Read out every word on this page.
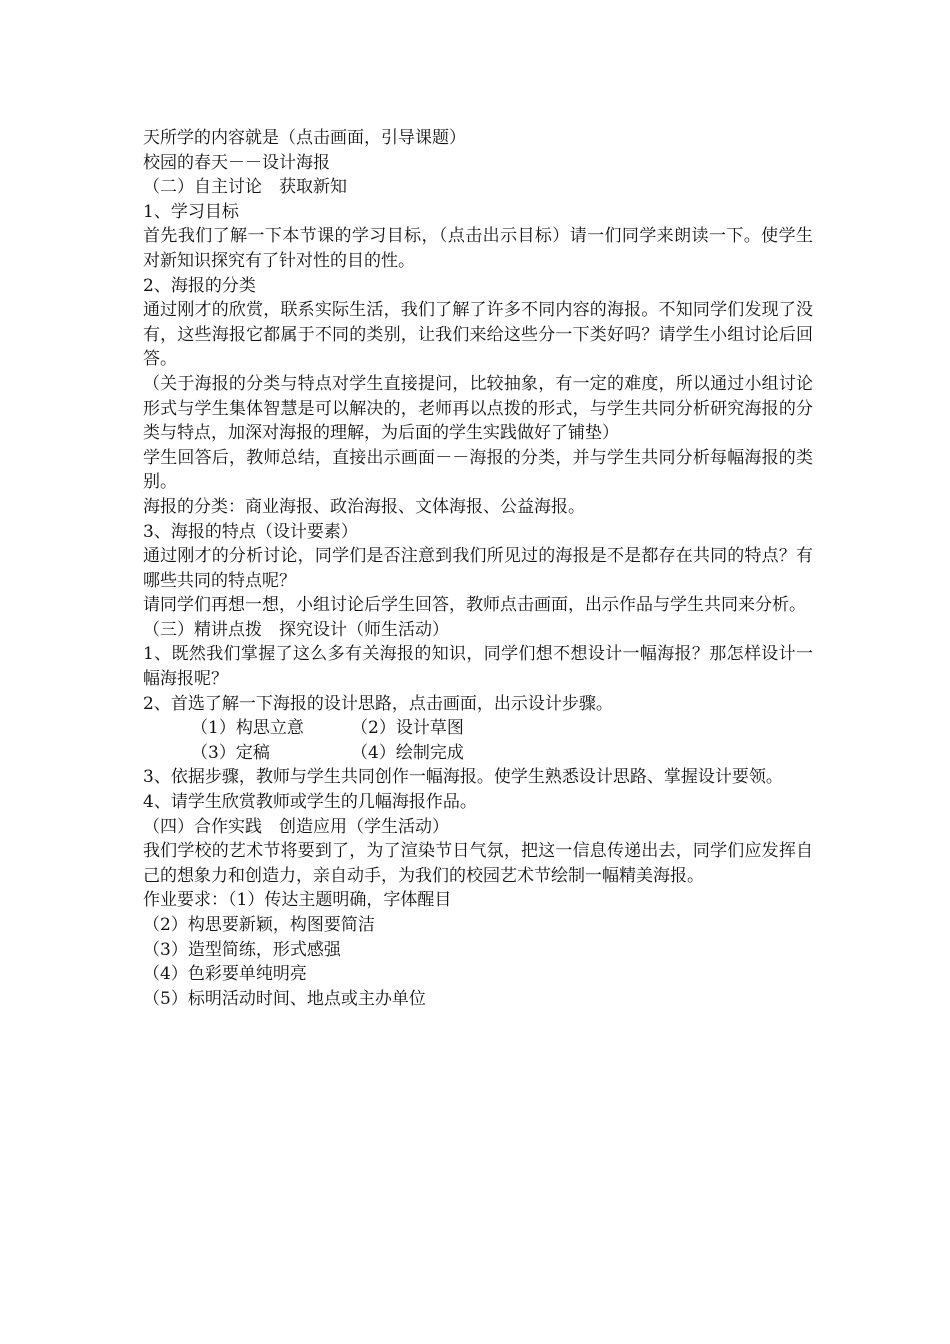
天所学的内容就是（点击画面，引导课题）
校园的春天－－设计海报
（二）自主讨论　获取新知
1、学习目标
首先我们了解一下本节课的学习目标，（点击出示目标）请一们同学来朗读一下。使学生对新知识探究有了针对性的目的性。
2、海报的分类
通过刚才的欣赏，联系实际生活，我们了解了许多不同内容的海报。不知同学们发现了没有，这些海报它都属于不同的类别，让我们来给这些分一下类好吗？请学生小组讨论后回答。
（关于海报的分类与特点对学生直接提问，比较抽象，有一定的难度，所以通过小组讨论形式与学生集体智慧是可以解决的，老师再以点拨的形式，与学生共同分析研究海报的分类与特点，加深对海报的理解，为后面的学生实践做好了铺垫）
学生回答后，教师总结，直接出示画面－－海报的分类，并与学生共同分析每幅海报的类别。
海报的分类：商业海报、政治海报、文体海报、公益海报。
3、海报的特点（设计要素）
通过刚才的分析讨论，同学们是否注意到我们所见过的海报是不是都存在共同的特点？有哪些共同的特点呢？
请同学们再想一想，小组讨论后学生回答，教师点击画面，出示作品与学生共同来分析。
（三）精讲点拨　探究设计（师生活动）
1、既然我们掌握了这么多有关海报的知识，同学们想不想设计一幅海报？那怎样设计一幅海报呢？
2、首选了解一下海报的设计思路，点击画面，出示设计步骤。
（1）构思立意	（2）设计草图
（3）定稿	（4）绘制完成
3、依据步骤，教师与学生共同创作一幅海报。使学生熟悉设计思路、掌握设计要领。
4、请学生欣赏教师或学生的几幅海报作品。
（四）合作实践　创造应用（学生活动）
我们学校的艺术节将要到了，为了渲染节日气氛，把这一信息传递出去，同学们应发挥自己的想象力和创造力，亲自动手，为我们的校园艺术节绘制一幅精美海报。
作业要求：（1）传达主题明确，字体醒目
（2）构思要新颖，构图要简洁
（3）造型简练，形式感强
（4）色彩要单纯明亮
（5）标明活动时间、地点或主办单位
